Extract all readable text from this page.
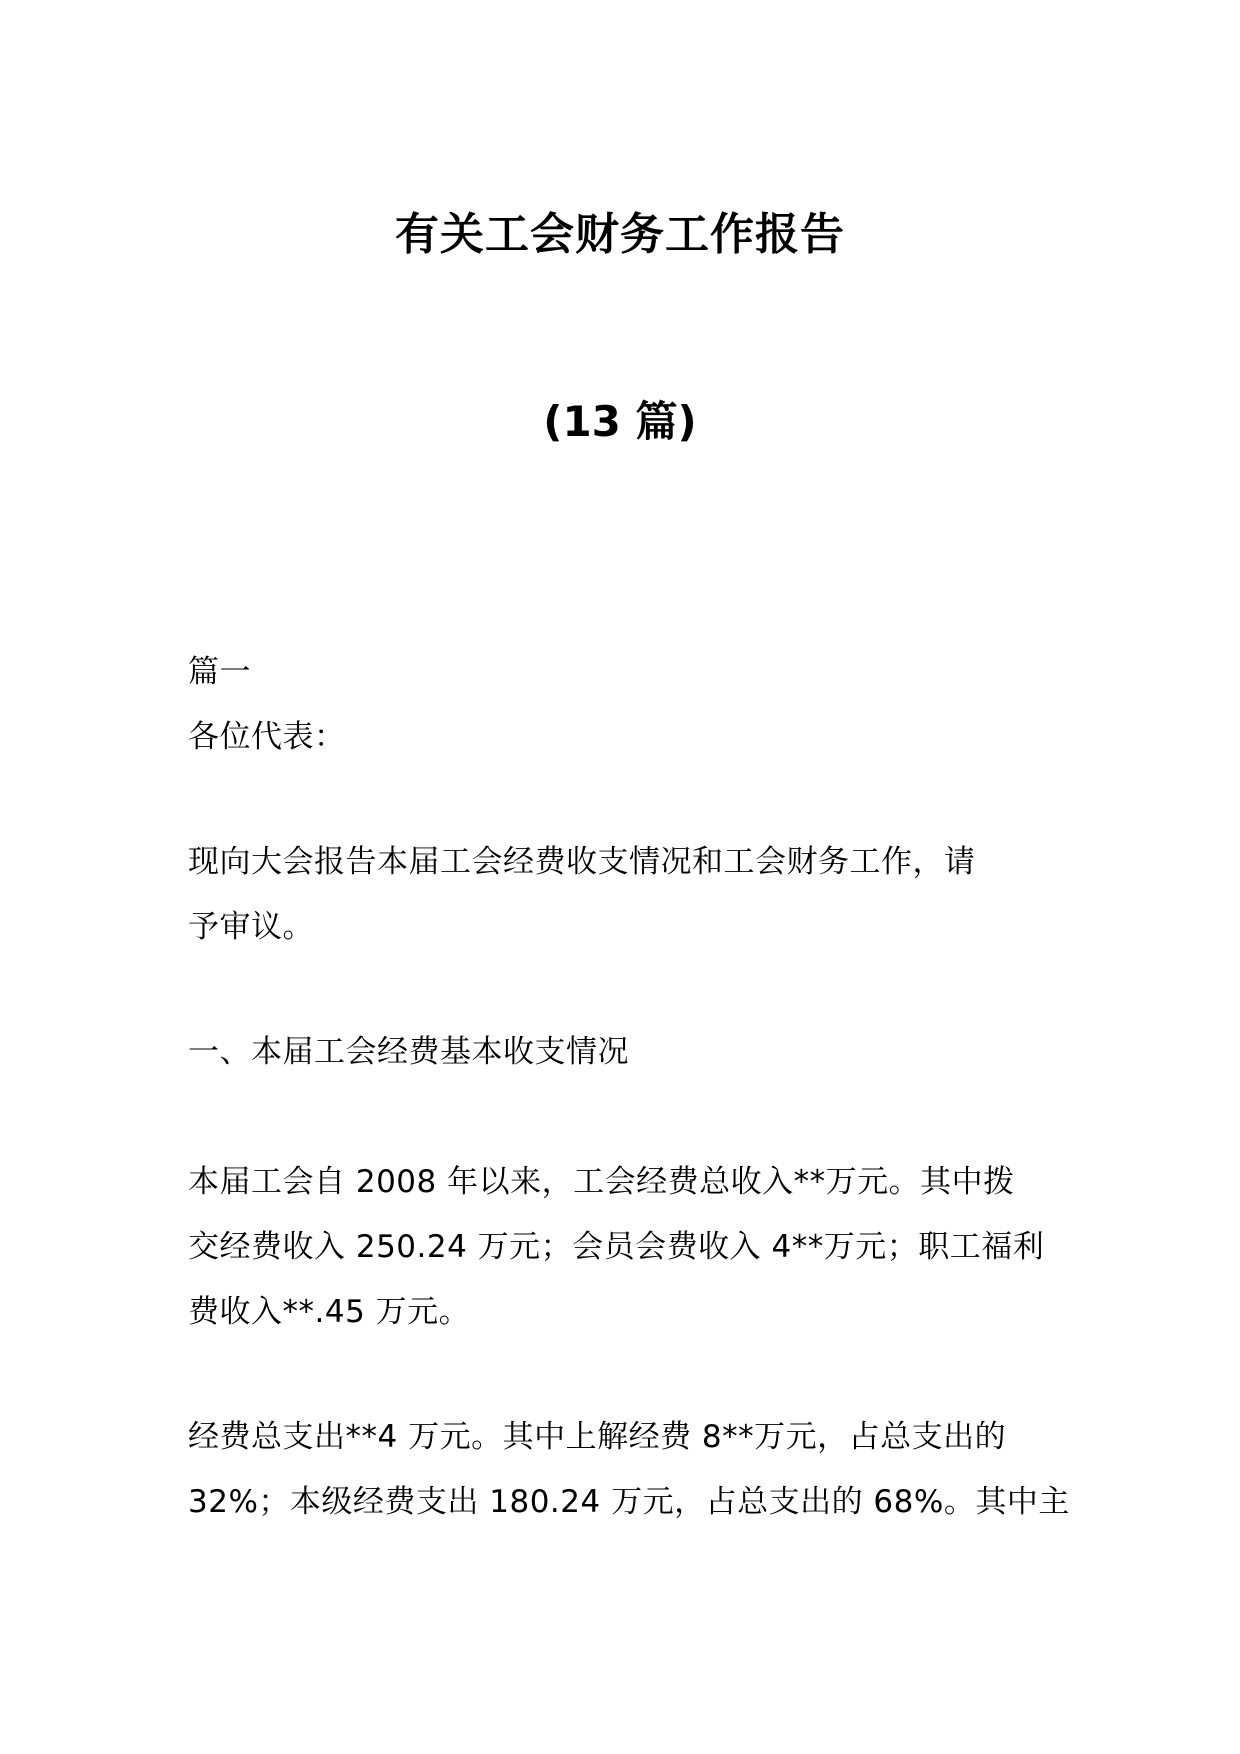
有关工会财务工作报告
(13 篇)

篇一

各位代表：

现向大会报告本届工会经费收支情况和工会财务工作，请
予审议。

一、本届工会经费基本收支情况

本届工会自 2008 年以来，工会经费总收入**万元。其中拨
交经费收入 250.24 万元；会员会费收入 4**万元；职工福利
费收入**.45 万元。

经费总支出**4 万元。其中上解经费 8**万元，占总支出的
32%；本级经费支出 180.24 万元，占总支出的 68%。其中主
